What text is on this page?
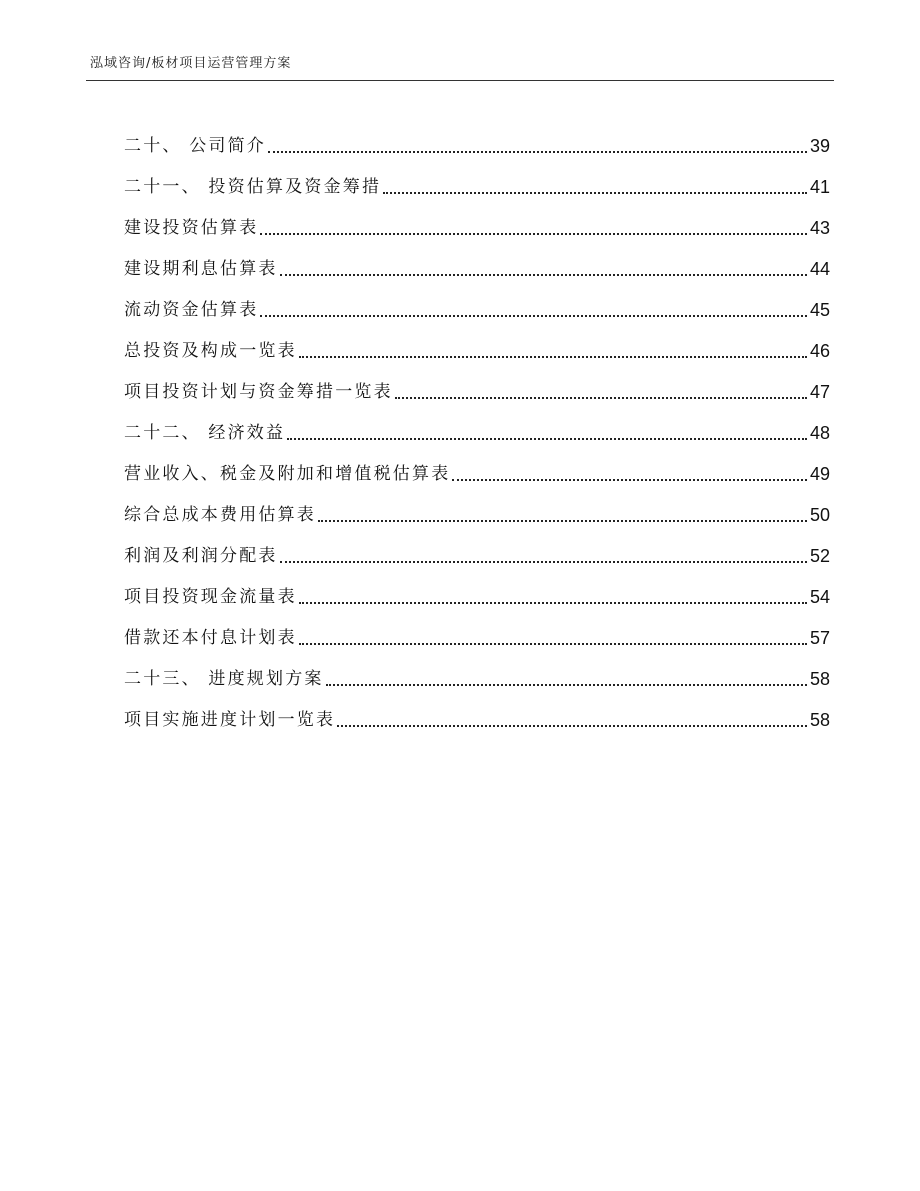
泓域咨询/板材项目运营管理方案
二十、 公司简介	39
二十一、 投资估算及资金筹措	41
建设投资估算表	43
建设期利息估算表	44
流动资金估算表	45
总投资及构成一览表	46
项目投资计划与资金筹措一览表	47
二十二、 经济效益	48
营业收入、税金及附加和增值税估算表	49
综合总成本费用估算表	50
利润及利润分配表	52
项目投资现金流量表	54
借款还本付息计划表	57
二十三、 进度规划方案	58
项目实施进度计划一览表	58
